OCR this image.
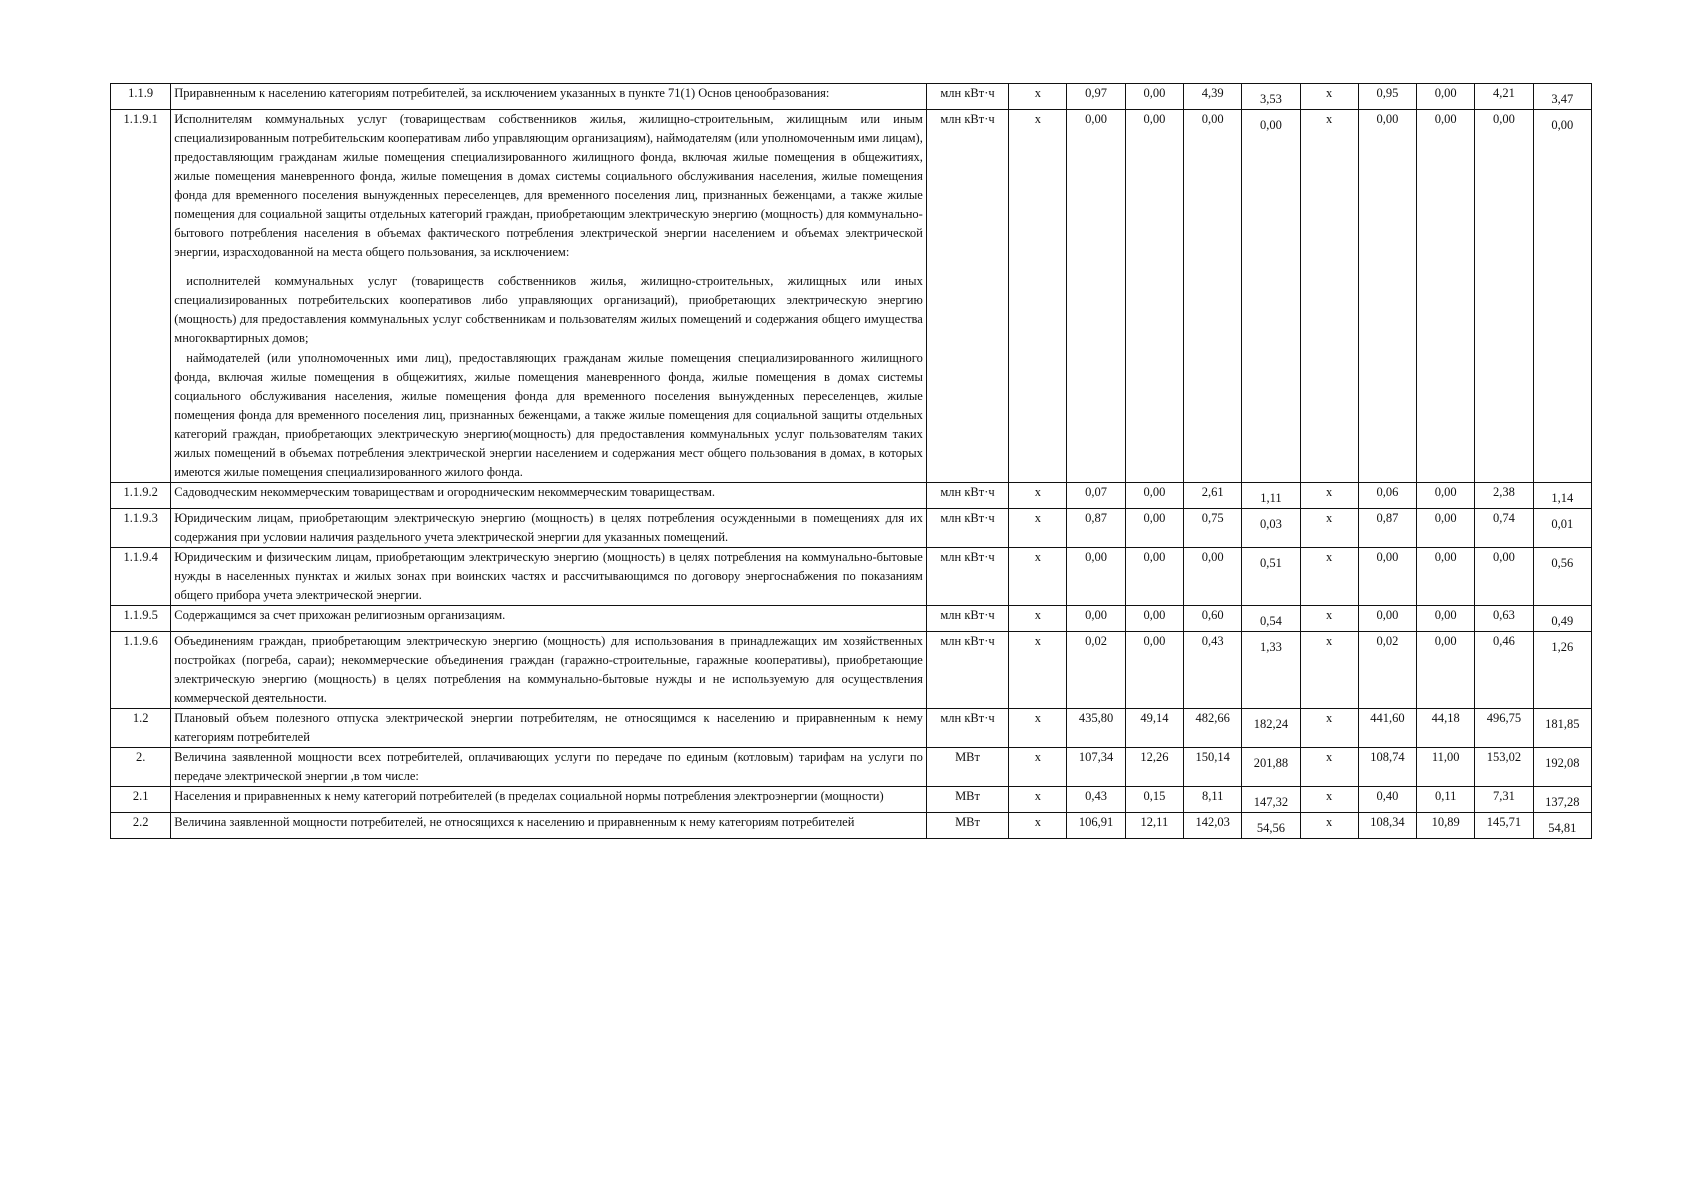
1.1.9	Приравненным к населению категориям потребителей, за исключением указанных в пункте 71(1) Основ ценообразования:	млн кВт·ч	х	0,97	0,00	4,39	3,53	х	0,95	0,00	4,21	3,47
1.1.9.1	Исполнителям коммунальных услуг (товариществам собственников жилья, жилищно-строительным, жилищным или иным специализированным потребительским кооперативам либо управляющим организациям), наймодателям (или уполномоченным ими лицам), предоставляющим гражданам жилые помещения специализированного жилищного фонда, включая жилые помещения в общежитиях, жилые помещения маневренного фонда, жилые помещения в домах системы социального обслуживания населения, жилые помещения фонда для временного поселения вынужденных переселенцев, для временного поселения лиц, признанных беженцами, а также жилые помещения для социальной защиты отдельных категорий граждан, приобретающим электрическую энергию (мощность) для коммунально-бытового потребления населения в объемах фактического потребления электрической энергии населением и объемах электрической энергии, израсходованной на места общего пользования, за исключением:
исполнителей коммунальных услуг (товариществ собственников жилья, жилищно-строительных, жилищных или иных специализированных потребительских кооперативов либо управляющих организаций), приобретающих электрическую энергию (мощность) для предоставления коммунальных услуг собственникам и пользователям жилых помещений и содержания общего имущества многоквартирных домов;
наймодателей (или уполномоченных ими лиц), предоставляющих гражданам жилые помещения специализированного жилищного фонда, включая жилые помещения в общежитиях, жилые помещения маневренного фонда, жилые помещения в домах системы социального обслуживания населения, жилые помещения фонда для временного поселения вынужденных переселенцев, жилые помещения фонда для временного поселения лиц, признанных беженцами, а также жилые помещения для социальной защиты отдельных категорий граждан, приобретающих электрическую энергию(мощность) для предоставления коммунальных услуг пользователям таких жилых помещений в объемах потребления электрической энергии населением и содержания мест общего пользования в домах, в которых имеются жилые помещения специализированного жилого фонда.	млн кВт·ч	х	0,00	0,00	0,00	0,00	х	0,00	0,00	0,00	0,00
1.1.9.2	Садоводческим некоммерческим товариществам и огородническим некоммерческим товариществам.	млн кВт·ч	х	0,07	0,00	2,61	1,11	х	0,06	0,00	2,38	1,14
1.1.9.3	Юридическим лицам, приобретающим электрическую энергию (мощность) в целях потребления осужденными в помещениях для их содержания при условии наличия раздельного учета электрической энергии для указанных помещений.	млн кВт·ч	х	0,87	0,00	0,75	0,03	х	0,87	0,00	0,74	0,01
1.1.9.4	Юридическим и физическим лицам, приобретающим электрическую энергию (мощность) в целях потребления на коммунально-бытовые нужды в населенных пунктах и жилых зонах при воинских частях и рассчитывающимся по договору энергоснабжения по показаниям общего прибора учета электрической энергии.	млн кВт·ч	х	0,00	0,00	0,00	0,51	х	0,00	0,00	0,00	0,56
1.1.9.5	Содержащимся за счет прихожан религиозным организациям.	млн кВт·ч	х	0,00	0,00	0,60	0,54	х	0,00	0,00	0,63	0,49
1.1.9.6	Объединениям граждан, приобретающим электрическую энергию (мощность) для использования в принадлежащих им хозяйственных постройках (погреба, сараи); некоммерческие объединения граждан (гаражно-строительные, гаражные кооперативы), приобретающие электрическую энергию (мощность) в целях потребления на коммунально-бытовые нужды и не используемую для осуществления коммерческой деятельности.	млн кВт·ч	х	0,02	0,00	0,43	1,33	х	0,02	0,00	0,46	1,26
1.2	Плановый объем полезного отпуска электрической энергии потребителям, не относящимся к населению и приравненным к нему категориям потребителей	млн кВт·ч	х	435,80	49,14	482,66	182,24	х	441,60	44,18	496,75	181,85
2.	Величина заявленной мощности всех потребителей, оплачивающих услуги по передаче по единым (котловым) тарифам на услуги по передаче электрической энергии ,в том числе:	МВт	х	107,34	12,26	150,14	201,88	х	108,74	11,00	153,02	192,08
2.1	Населения и приравненных к нему категорий потребителей (в пределах социальной нормы потребления электроэнергии (мощности)	МВт	х	0,43	0,15	8,11	147,32	х	0,40	0,11	7,31	137,28
2.2	Величина заявленной мощности потребителей, не относящихся к населению и приравненным к нему категориям потребителей	МВт	х	106,91	12,11	142,03	54,56	х	108,34	10,89	145,71	54,81
